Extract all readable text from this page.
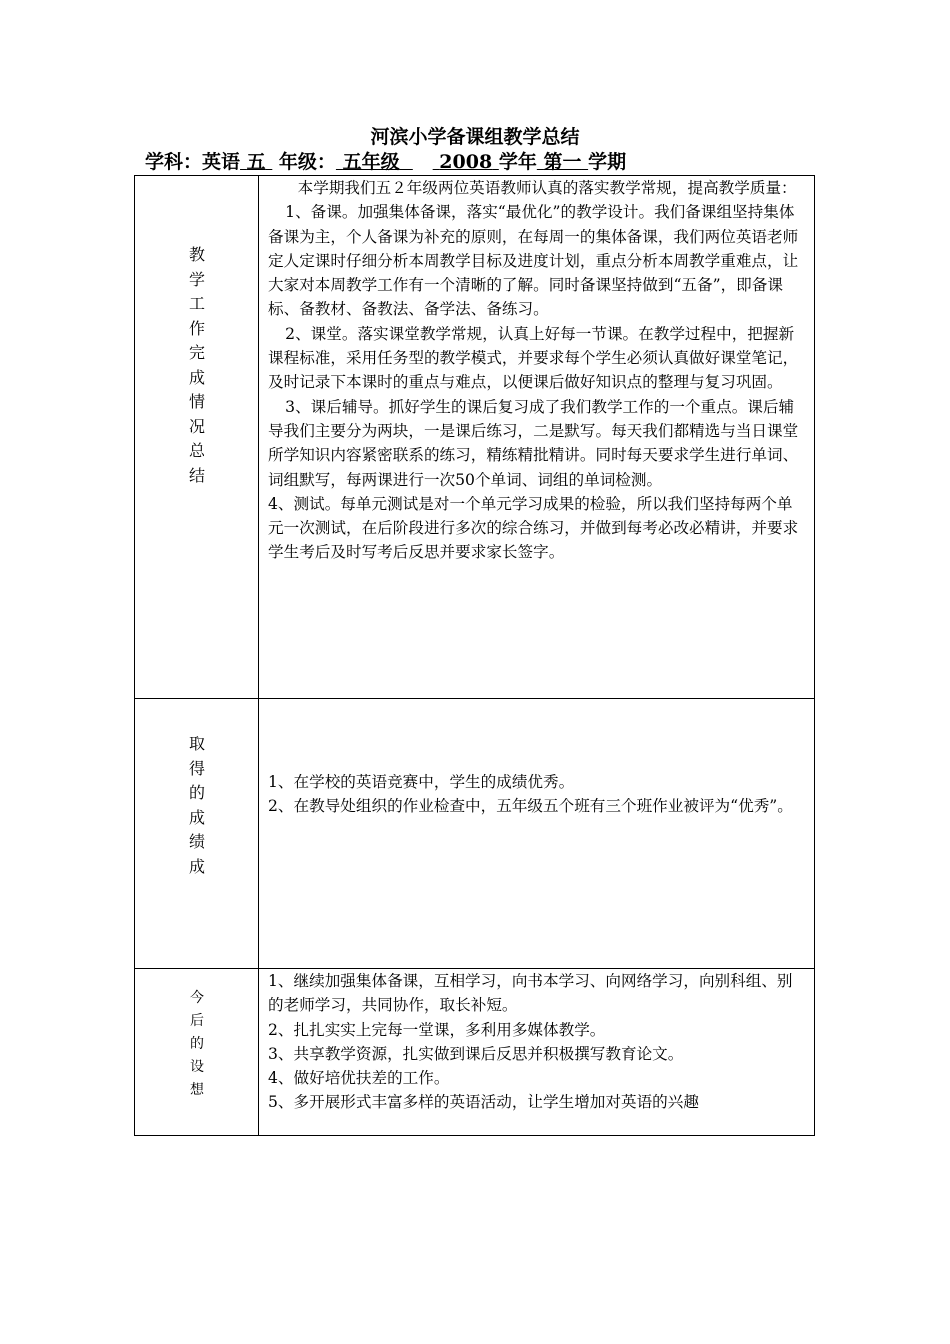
河滨小学备课组教学总结
学科：英语 五 年级： 五年级 2008 学年 第一 学期
教
学
工
作
完
成
情
况
总
结

本学期我们五２年级两位英语教师认真的落实教学常规，提高教学质量：

1、备课。加强集体备课，落实“最优化”的教学设计。我们备课组坚持集体备课为主，个人备课为补充的原则，在每周一的集体备课，我们两位英语老师定人定课时仔细分析本周教学目标及进度计划，重点分析本周教学重难点，让大家对本周教学工作有一个清晰的了解。同时备课坚持做到“五备”，即备课标、备教材、备教法、备学法、备练习。

2、课堂。落实课堂教学常规，认真上好每一节课。在教学过程中，把握新课程标准，采用任务型的教学模式，并要求每个学生必须认真做好课堂笔记，及时记录下本课时的重点与难点，以便课后做好知识点的整理与复习巩固。

3、课后辅导。抓好学生的课后复习成了我们教学工作的一个重点。课后辅导我们主要分为两块，一是课后练习，二是默写。每天我们都精选与当日课堂所学知识内容紧密联系的练习，精练精批精讲。同时每天要求学生进行单词、词组默写，每两课进行一次50个单词、词组的单词检测。

4、测试。每单元测试是对一个单元学习成果的检验，所以我们坚持每两个单元一次测试，在后阶段进行多次的综合练习，并做到每考必改必精讲，并要求学生考后及时写考后反思并要求家长签字。

取
得
的
成
绩
成

1、在学校的英语竞赛中，学生的成绩优秀。

2、在教导处组织的作业检查中，五年级五个班有三个班作业被评为“优秀”。

今
后
的
设
想

1、继续加强集体备课，互相学习，向书本学习、向网络学习，向别科组、别的老师学习，共同协作，取长补短。

2、扎扎实实上完每一堂课，多利用多媒体教学。

3、共享教学资源，扎实做到课后反思并积极撰写教育论文。

4、做好培优扶差的工作。

5、多开展形式丰富多样的英语活动，让学生增加对英语的兴趣
